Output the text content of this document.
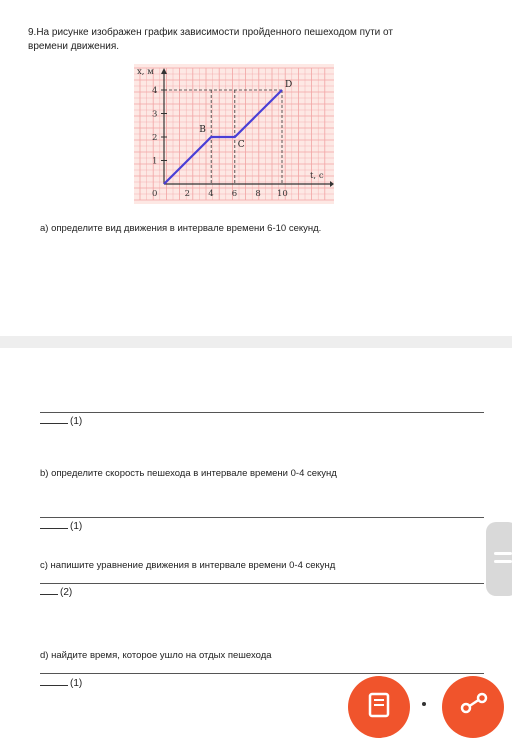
9.На рисунке изображен график зависимости пройденного пешеходом пути от
времени движения.
x, м
t, c
1
2
3
4
0	2 4 6 8 10
B
C
D
а) определите вид движения в интервале времени 6-10 секунд.
(1)
b) определите скорость пешехода в интервале времени 0-4 секунд
(1)
с) напишите уравнение движения в интервале времени 0-4 секунд
(2)
d) найдите время, которое ушло на отдых пешехода
(1)
